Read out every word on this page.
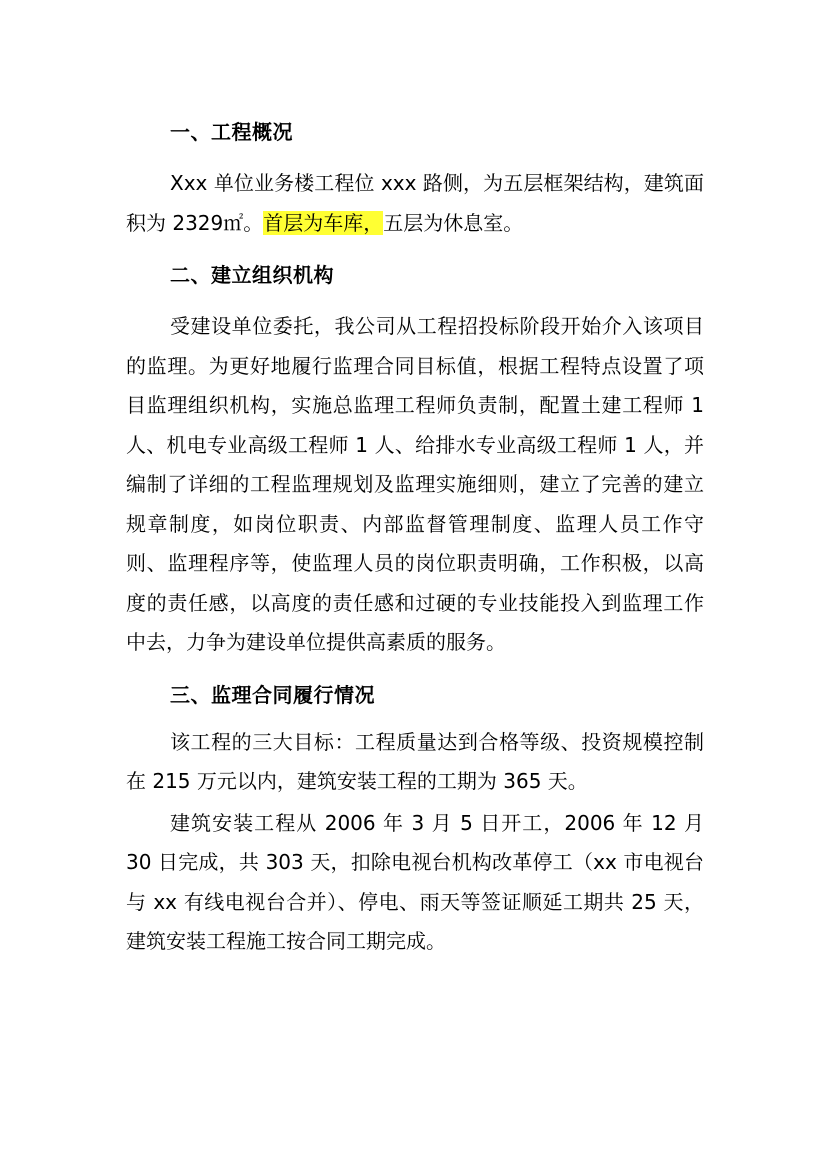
一、工程概况

Xxx 单位业务楼工程位 xxx 路侧，为五层框架结构，建筑面积为 2329㎡。首层为车库，五层为休息室。

二、建立组织机构

受建设单位委托，我公司从工程招投标阶段开始介入该项目的监理。为更好地履行监理合同目标值，根据工程特点设置了项目监理组织机构，实施总监理工程师负责制，配置土建工程师 1 人、机电专业高级工程师 1 人、给排水专业高级工程师 1 人，并编制了详细的工程监理规划及监理实施细则，建立了完善的建立规章制度，如岗位职责、内部监督管理制度、监理人员工作守则、监理程序等，使监理人员的岗位职责明确，工作积极，以高度的责任感，以高度的责任感和过硬的专业技能投入到监理工作中去，力争为建设单位提供高素质的服务。

三、监理合同履行情况

该工程的三大目标：工程质量达到合格等级、投资规模控制在 215 万元以内，建筑安装工程的工期为 365 天。

建筑安装工程从 2006 年 3 月 5 日开工，2006 年 12 月 30 日完成，共 303 天，扣除电视台机构改革停工（xx 市电视台与 xx 有线电视台合并）、停电、雨天等签证顺延工期共 25 天，建筑安装工程施工按合同工期完成。
